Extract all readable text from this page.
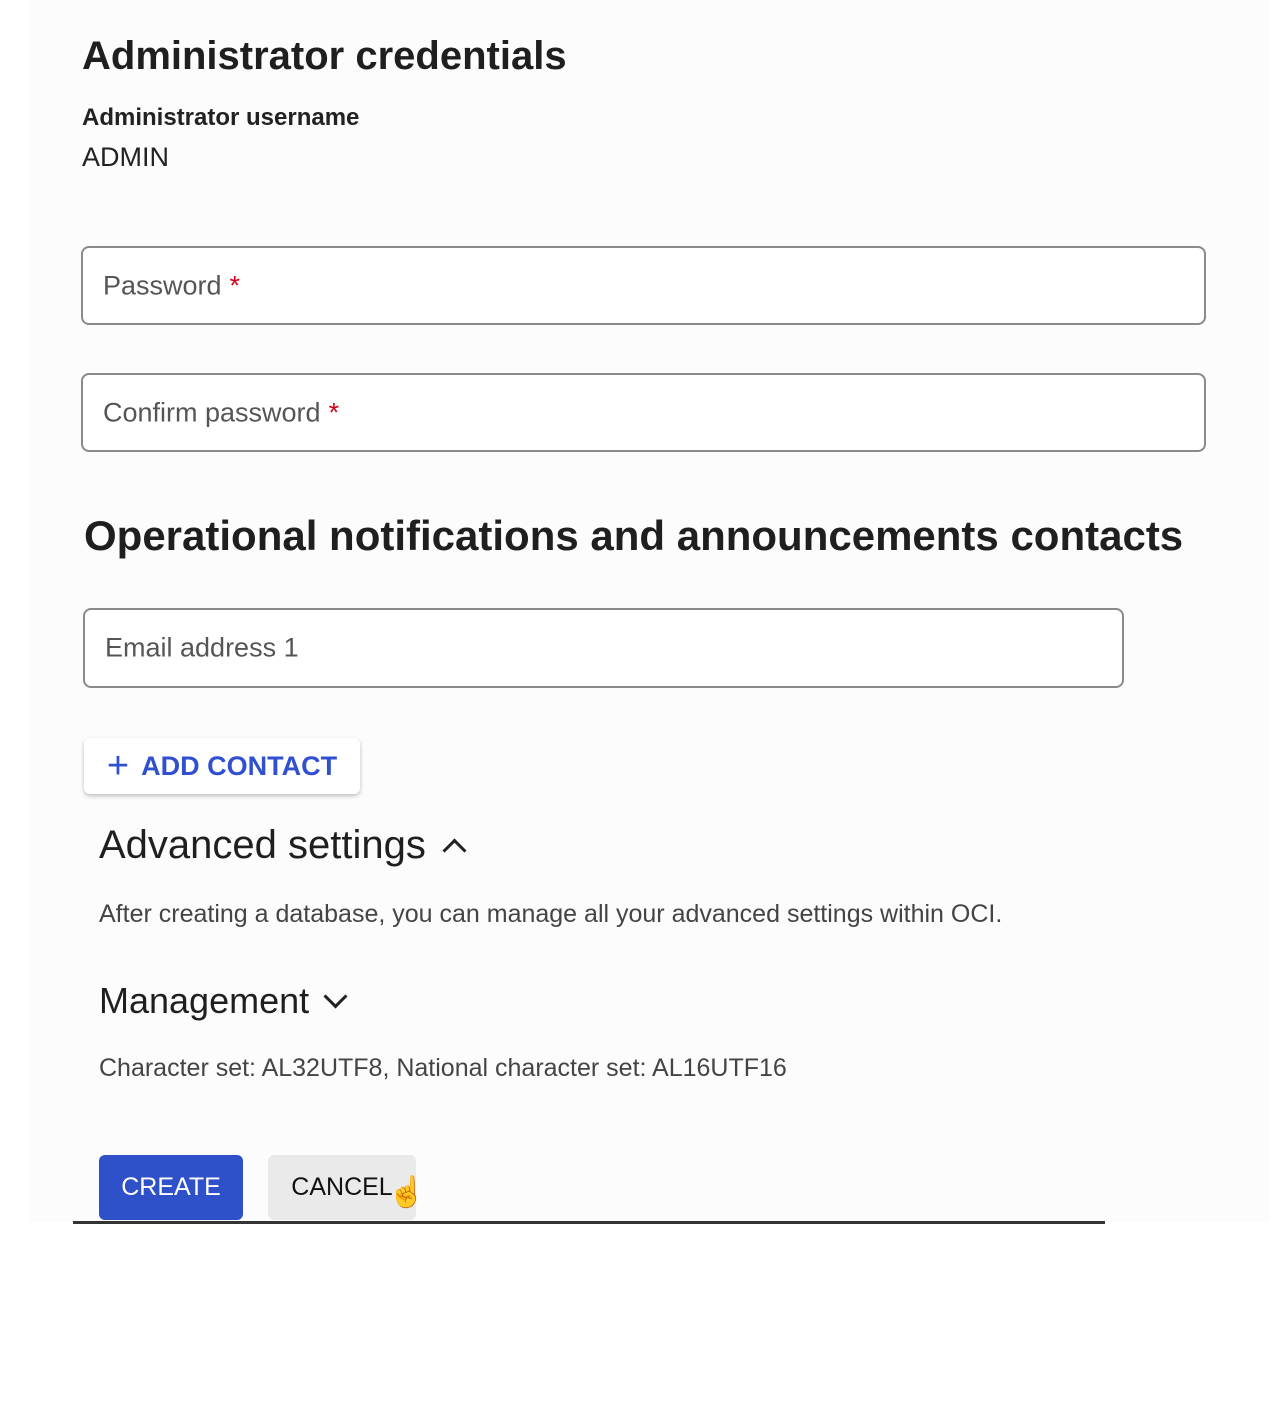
Administrator credentials
Administrator username
ADMIN
Password *
Confirm password *
Operational notifications and announcements contacts
Email address 1
+ ADD CONTACT
Advanced settings
After creating a database, you can manage all your advanced settings within OCI.
Management
Character set: AL32UTF8, National character set: AL16UTF16
CREATE	CANCEL
☝
